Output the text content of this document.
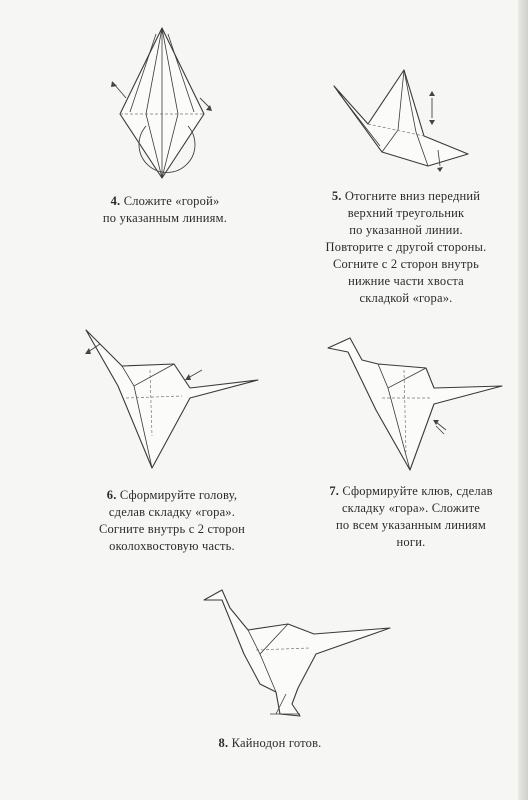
4. Сложите «горой»
по указанным линиям.
5. Отогните вниз передний
верхний треугольник
по указанной линии.
Повторите с другой стороны.
Согните с 2 сторон внутрь
нижние части хвоста
складкой «гора».
6. Сформируйте голову,
сделав складку «гора».
Согните внутрь с 2 сторон
околохвостовую часть.
7. Сформируйте клюв, сделав
складку «гора». Сложите
по всем указанным линиям
ноги.
8. Кайнодон готов.
